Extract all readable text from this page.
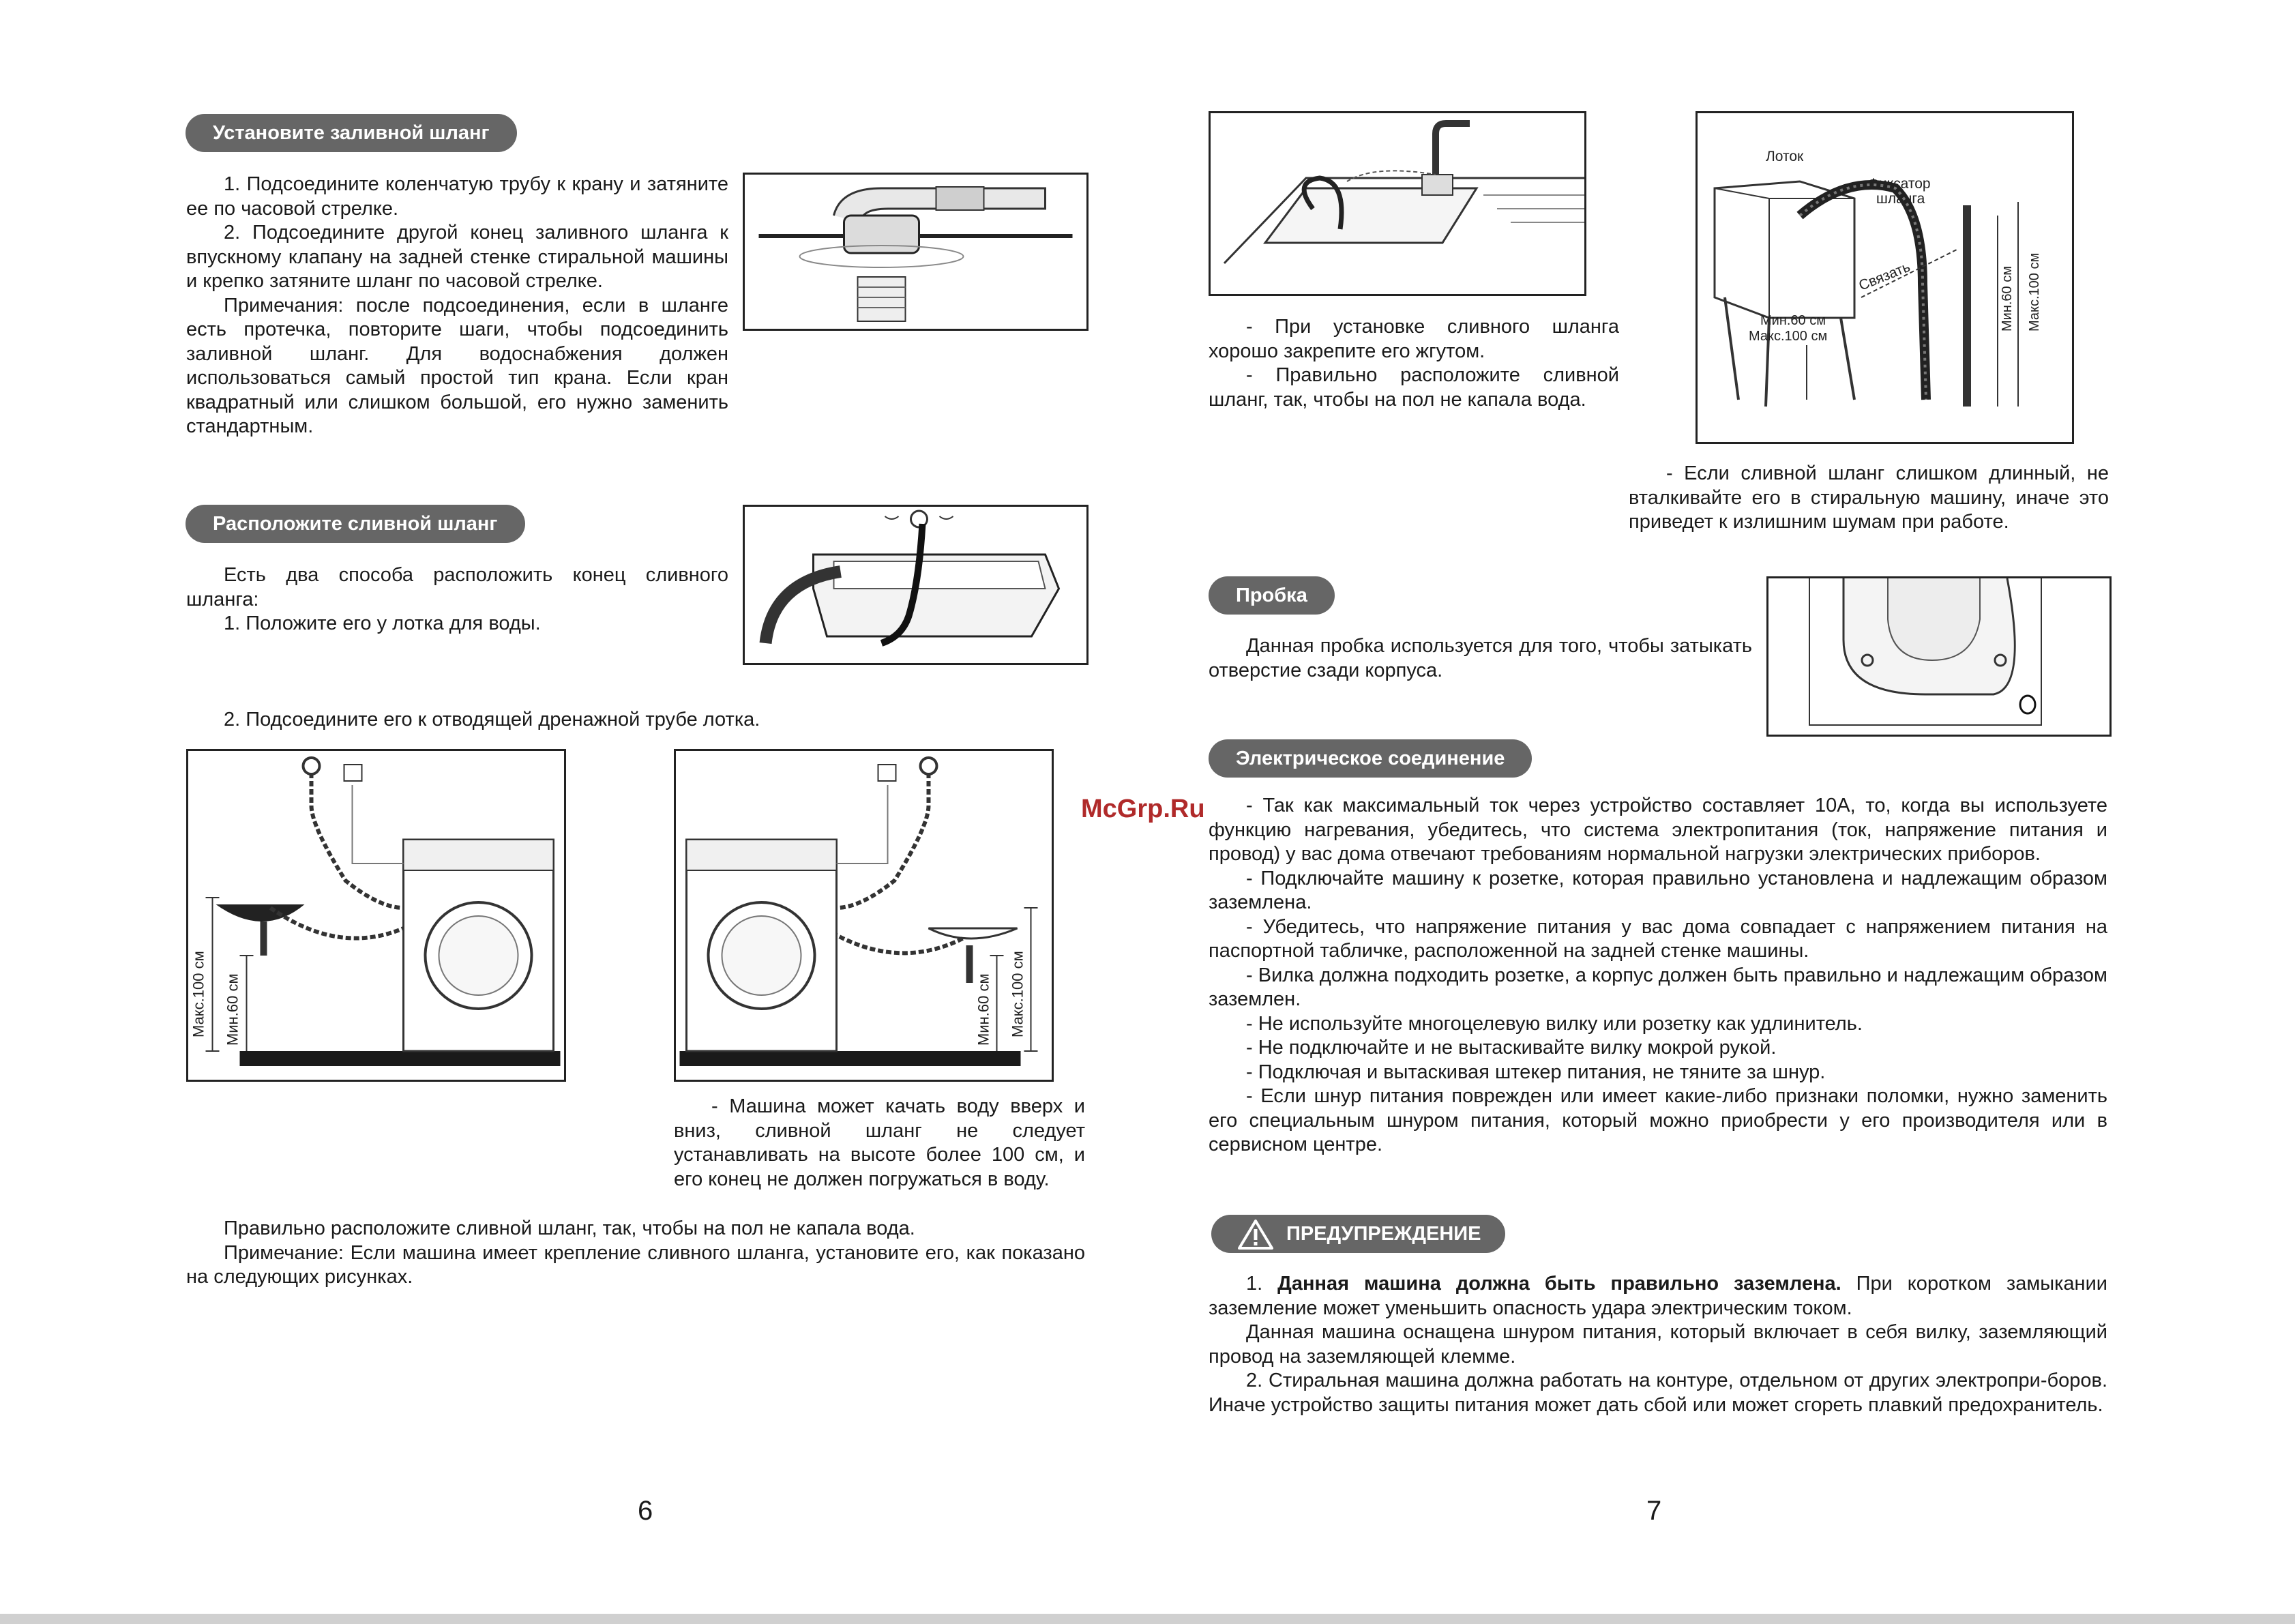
Установите заливной шланг

1. Подсоедините коленчатую трубу к крану и затяните ее по часовой стрелке.

2. Подсоедините другой конец заливного шланга к впускному клапану на задней стенке стиральной машины и крепко затяните шланг по часовой стрелке.

Примечания: после подсоединения, если в шланге есть протечка, повторите шаги, чтобы подсоединить заливной шланг. Для водоснабжения должен использоваться самый простой тип крана. Если кран квадратный или слишком большой, его нужно заменить стандартным.

Расположите сливной шланг

Есть два способа расположить конец сливного шланга:

1. Положите его у лотка для воды.

2. Подсоедините его к отводящей дренажной трубе лотка.
Макс.100 см Мин.60 см	Макс.100 см
Мин.60 см

- Машина может качать воду вверх и вниз, сливной шланг не следует устанавливать на высоте более 100 см, и его конец не должен погружаться в воду.

Правильно расположите сливной шланг, так, чтобы на пол не капала вода.

Примечание: Если машина имеет крепление сливного шланга, установите его, как показано на следующих рисунках.

6
Лоток
Фиксатор
шланга
Связать
Мин.60 см
Макс.100 см
Мин.60 см Макс.100 см

- При установке сливного шланга хорошо закрепите его жгутом.

- Правильно расположите сливной шланг, так, чтобы на пол не капала вода.

- Если сливной шланг слишком длинный, не вталкивайте его в стиральную машину, иначе это приведет к излишним шумам при работе.

Пробка

Данная пробка используется для того, чтобы затыкать отверстие сзади корпуса.

Электрическое соединение
McGrp.Ru	- Так как максимальный ток через устройство составляет 10А, то, когда вы используете функцию нагревания, убедитесь, что система электропитания (ток, напряжение питания и провод) у вас дома отвечают требованиям нормальной нагрузки электрических приборов.

- Подключайте машину к розетке, которая правильно установлена и надлежащим образом заземлена.

- Убедитесь, что напряжение питания у вас дома совпадает с напряжением питания на паспортной табличке, расположенной на задней стенке машины.

- Вилка должна подходить розетке, а корпус должен быть правильно и надлежащим образом заземлен.

- Не используйте многоцелевую вилку или розетку как удлинитель.

- Не подключайте и не вытаскивайте вилку мокрой рукой.

- Подключая и вытаскивая штекер питания, не тяните за шнур.

- Если шнур питания поврежден или имеет какие-либо признаки поломки, нужно заменить его специальным шнуром питания, который можно приобрести у его производителя или в сервисном центре.

ПРЕДУПРЕЖДЕНИЕ

1. Данная машина должна быть правильно заземлена. При коротком замыкании заземление может уменьшить опасность удара электрическим током.

Данная машина оснащена шнуром питания, который включает в себя вилку, заземляющий провод на заземляющей клемме.

2. Стиральная машина должна работать на контуре, отдельном от других электропри-боров. Иначе устройство защиты питания может дать сбой или может сгореть плавкий предохранитель.

7
